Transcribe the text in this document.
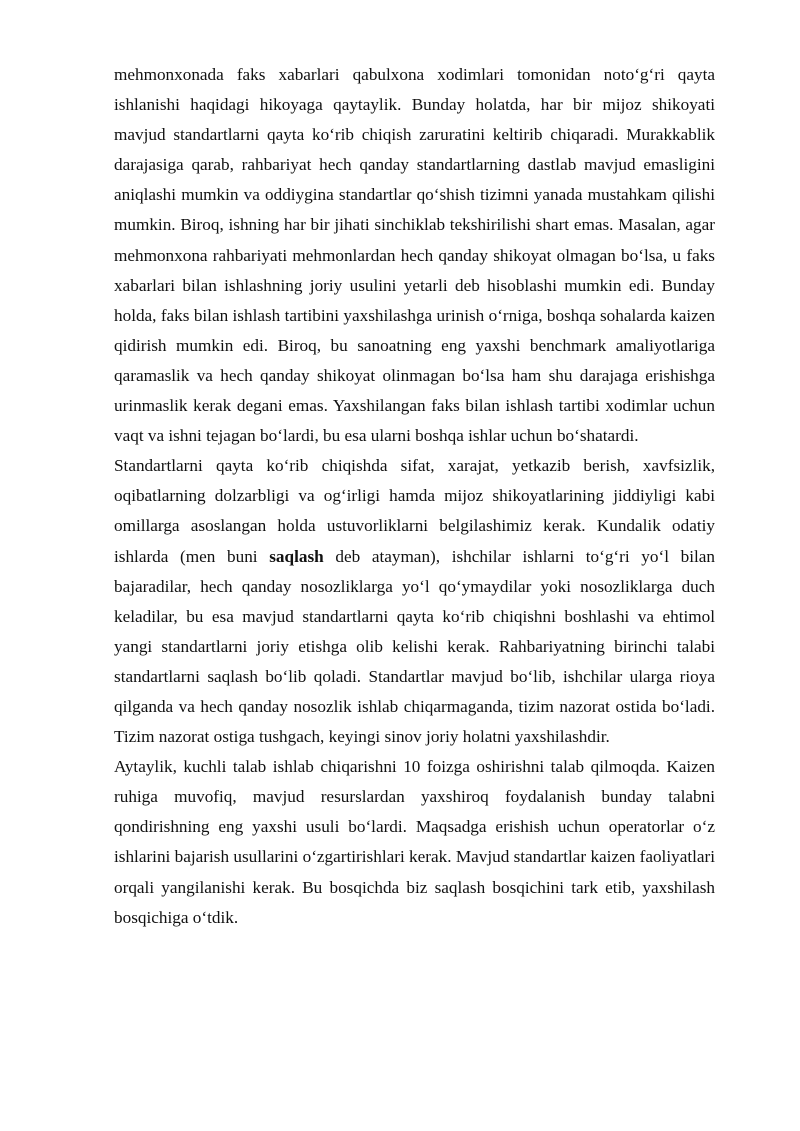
mehmonxonada faks xabarlari qabulxona xodimlari tomonidan noto‘g‘ri qayta ishlanishi haqidagi hikoyaga qaytaylik. Bunday holatda, har bir mijoz shikoyati mavjud standartlarni qayta ko‘rib chiqish zaruratini keltirib chiqaradi. Murakkablik darajasiga qarab, rahbariyat hech qanday standartlarning dastlab mavjud emasligini aniqlashi mumkin va oddiygina standartlar qo‘shish tizimni yanada mustahkam qilishi mumkin. Biroq, ishning har bir jihati sinchiklab tekshirilishi shart emas. Masalan, agar mehmonxona rahbariyati mehmonlardan hech qanday shikoyat olmagan bo‘lsa, u faks xabarlari bilan ishlashning joriy usulini yetarli deb hisoblashi mumkin edi. Bunday holda, faks bilan ishlash tartibini yaxshilashga urinish o‘rniga, boshqa sohalarda kaizen qidirish mumkin edi. Biroq, bu sanoatning eng yaxshi benchmark amaliyotlariga qaramaslik va hech qanday shikoyat olinmagan bo‘lsa ham shu darajaga erishishga urinmaslik kerak degani emas. Yaxshilangan faks bilan ishlash tartibi xodimlar uchun vaqt va ishni tejagan bo‘lardi, bu esa ularni boshqa ishlar uchun bo‘shatardi.

Standartlarni qayta ko‘rib chiqishda sifat, xarajat, yetkazib berish, xavfsizlik, oqibatlarning dolzarbligi va og‘irligi hamda mijoz shikoyatlarining jiddiyligi kabi omillarga asoslangan holda ustuvorliklarni belgilashimiz kerak. Kundalik odatiy ishlarda (men buni saqlash deb atayman), ishchilar ishlarni to‘g‘ri yo‘l bilan bajaradilar, hech qanday nosozliklarga yo‘l qo‘ymaydilar yoki nosozliklarga duch keladilar, bu esa mavjud standartlarni qayta ko‘rib chiqishni boshlashi va ehtimol yangi standartlarni joriy etishga olib kelishi kerak. Rahbariyatning birinchi talabi standartlarni saqlash bo‘lib qoladi. Standartlar mavjud bo‘lib, ishchilar ularga rioya qilganda va hech qanday nosozlik ishlab chiqarmaganda, tizim nazorat ostida bo‘ladi. Tizim nazorat ostiga tushgach, keyingi sinov joriy holatni yaxshilashdir.

Aytaylik, kuchli talab ishlab chiqarishni 10 foizga oshirishni talab qilmoqda. Kaizen ruhiga muvofiq, mavjud resurslardan yaxshiroq foydalanish bunday talabni qondirishning eng yaxshi usuli bo‘lardi. Maqsadga erishish uchun operatorlar o‘z ishlarini bajarish usullarini o‘zgartirishlari kerak. Mavjud standartlar kaizen faoliyatlari orqali yangilanishi kerak. Bu bosqichda biz saqlash bosqichini tark etib, yaxshilash bosqichiga o‘tdik.
